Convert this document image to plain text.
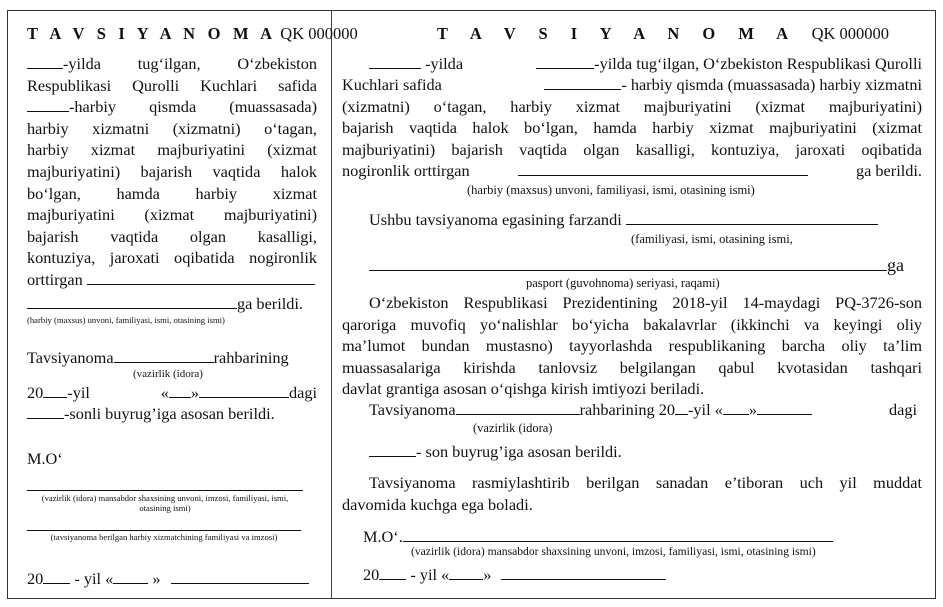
T A V S I Y A N O M A QK 000000
-yilda tug‘ilgan, O‘zbekiston
Respublikasi Qurolli Kuchlari safida
-harbiy qismda (muassasada)
harbiy xizmatni (xizmatni) o‘tagan,
harbiy xizmat majburiyatini (xizmat
majburiyatini) bajarish vaqtida halok
bo‘lgan, hamda harbiy xizmat
majburiyatini (xizmat majburiyatini)
bajarish vaqtida olgan kasalligi,
kontuziya, jaroxati oqibatida nogironlik
orttirgan
ga berildi.
(harbiy (maxsus) unvoni, familiyasi, ismi, otasining ismi)
Tavsiyanoma	rahbarining
(vazirlik (idora)
20 -yil	« »	dagi
-sonli buyrug’iga asosan berildi.
M.O‘
(vazirlik (idora) mansabdor shaxsining unvoni, imzosi, familiyasi, ismi,
otasining ismi)
(tavsiyanoma berilgan harbiy xizmatchining familiyasi va imzosi)
20 - yil « »
T A V S I Y A N O M A QK 000000
-yilda	-yilda tug‘ilgan, O‘zbekiston Respublikasi Qurolli
Kuchlari safida	- harbiy qismda (muassasada) harbiy xizmatni
(xizmatni) o‘tagan, harbiy xizmat majburiyatini (xizmat majburiyatini)
bajarish vaqtida halok bo‘lgan, hamda harbiy xizmat majburiyatini (xizmat
majburiyatini) bajarish vaqtida olgan kasalligi, kontuziya, jaroxati oqibatida
nogironlik orttirgan	ga berildi.
(harbiy (maxsus) unvoni, familiyasi, ismi, otasining ismi)
Ushbu tavsiyanoma egasining farzandi
(familiyasi, ismi, otasining ismi,
ga
pasport (guvohnoma) seriyasi, raqami)
O‘zbekiston Respublikasi Prezidentining 2018-yil 14-maydagi PQ-3726-son
qaroriga muvofiq yo‘nalishlar bo‘yicha bakalavrlar (ikkinchi va keyingi oliy
ma’lumot bundan mustasno) tayyorlashda respublikaning barcha oliy ta’lim
muassasalariga kirishda tanlovsiz belgilangan qabul kvotasidan tashqari
davlat grantiga asosan o‘qishga kirish imtiyozi beriladi.
Tavsiyanoma	rahbarining 20 -yil « »	dagi
(vazirlik (idora)
- son buyrug’iga asosan berildi.
Tavsiyanoma rasmiylashtirib berilgan sanadan e’tiboran uch yil muddat
davomida kuchga ega boladi.
M.O‘.
(vazirlik (idora) mansabdor shaxsining unvoni, imzosi, familiyasi, ismi, otasining ismi)
20 - yil « »
